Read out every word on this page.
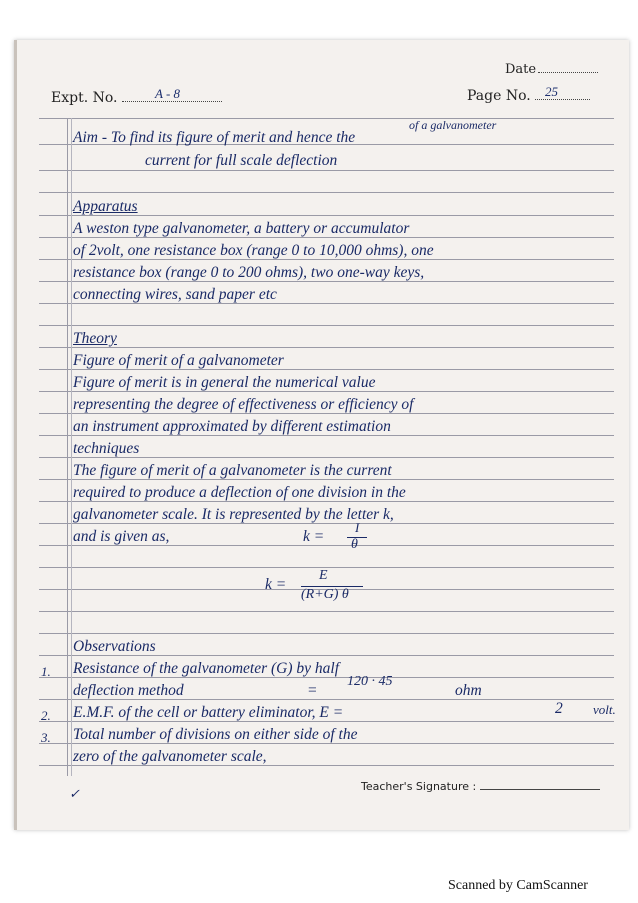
Date
Expt. No.	A - 8	Page No. 25
of a galvanometer
Aim - To find its figure of merit and hence the
current for full scale deflection
Apparatus
A weston type galvanometer, a battery or accumulator
of 2volt, one resistance box (range 0 to 10,000 ohms), one
resistance box (range 0 to 200 ohms), two one-way keys,
connecting wires, sand paper etc
Theory
Figure of merit of a galvanometer
Figure of merit is in general the numerical value
representing the degree of effectiveness or efficiency of
an instrument approximated by different estimation
techniques
The figure of merit of a galvanometer is the current
required to produce a deflection of one division in the
galvanometer scale. It is represented by the letter k,
and is given as,	k =
I
θ
k =
E
(R+G) θ
Observations
1. Resistance of the galvanometer (G) by half
deflection method	=
120 · 45
ohm
2. E.M.F. of the cell or battery eliminator, E =	2 volt.
3. Total number of divisions on either side of the
zero of the galvanometer scale,
✓	Teacher's Signature :
Scanned by CamScanner
